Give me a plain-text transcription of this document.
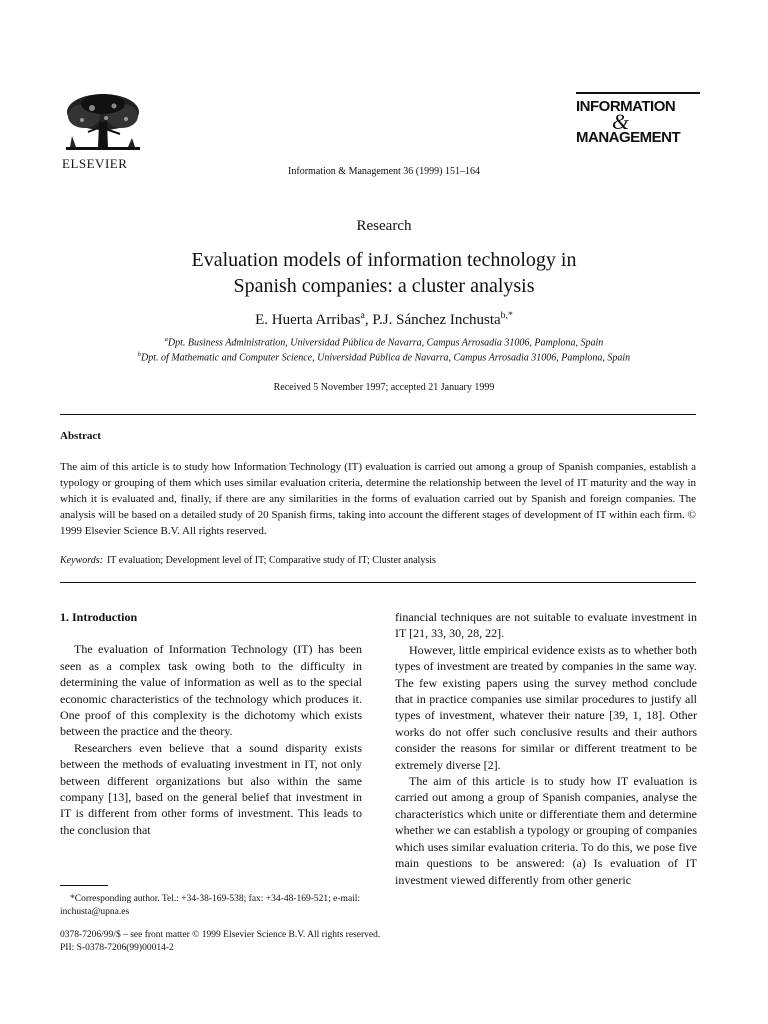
ELSEVIER
Information & Management 36 (1999) 151–164
INFORMATION
&
MANAGEMENT
Research
Evaluation models of information technology in
Spanish companies: a cluster analysis
E. Huerta Arribas$^a$, P.J. Sánchez Inchusta$^{b,*}$
$^a$Dpt. Business Administration, Universidad Pública de Navarra, Campus Arrosadia 31006, Pamplona, Spain
$^b$Dpt. of Mathematic and Computer Science, Universidad Pública de Navarra, Campus Arrosadia 31006, Pamplona, Spain
Received 5 November 1997; accepted 21 January 1999
Abstract
The aim of this article is to study how Information Technology (IT) evaluation is carried out among a group of Spanish companies, establish a typology or grouping of them which uses similar evaluation criteria, determine the relationship between the level of IT maturity and the way in which it is evaluated and, finally, if there are any similarities in the forms of evaluation carried out by Spanish and foreign companies. The analysis will be based on a detailed study of 20 Spanish firms, taking into account the different stages of development of IT within each firm. © 1999 Elsevier Science B.V. All rights reserved.
Keywords: IT evaluation; Development level of IT; Comparative study of IT; Cluster analysis
1. Introduction

The evaluation of Information Technology (IT) has been seen as a complex task owing both to the difficulty in determining the value of information as well as to the special economic characteristics of the technology which produces it. One proof of this complexity is the dichotomy which exists between the practice and the theory.

Researchers even believe that a sound disparity exists between the methods of evaluating investment in IT, not only between different organizations but also within the same company [13], based on the general belief that investment in IT is different from other forms of investment. This leads to the conclusion that

financial techniques are not suitable to evaluate investment in IT [21, 33, 30, 28, 22].

However, little empirical evidence exists as to whether both types of investment are treated by companies in the same way. The few existing papers using the survey method conclude that in practice companies use similar procedures to justify all types of investment, whatever their nature [39, 1, 18]. Other works do not offer such conclusive results and their authors consider the reasons for similar or different treatment to be extremely diverse [2].

The aim of this article is to study how IT evaluation is carried out among a group of Spanish companies, analyse the characteristics which unite or differentiate them and determine whether we can establish a typology or grouping of companies which uses similar evaluation criteria. To do this, we pose five main questions to be answered: (a) Is evaluation of IT investment viewed differently from other generic

*Corresponding author. Tel.: +34-38-169-538; fax: +34-48-169-521; e-mail: inchusta@upna.es
0378-7206/99/$ – see front matter © 1999 Elsevier Science B.V. All rights reserved.
PII: S-0378-7206(99)00014-2
